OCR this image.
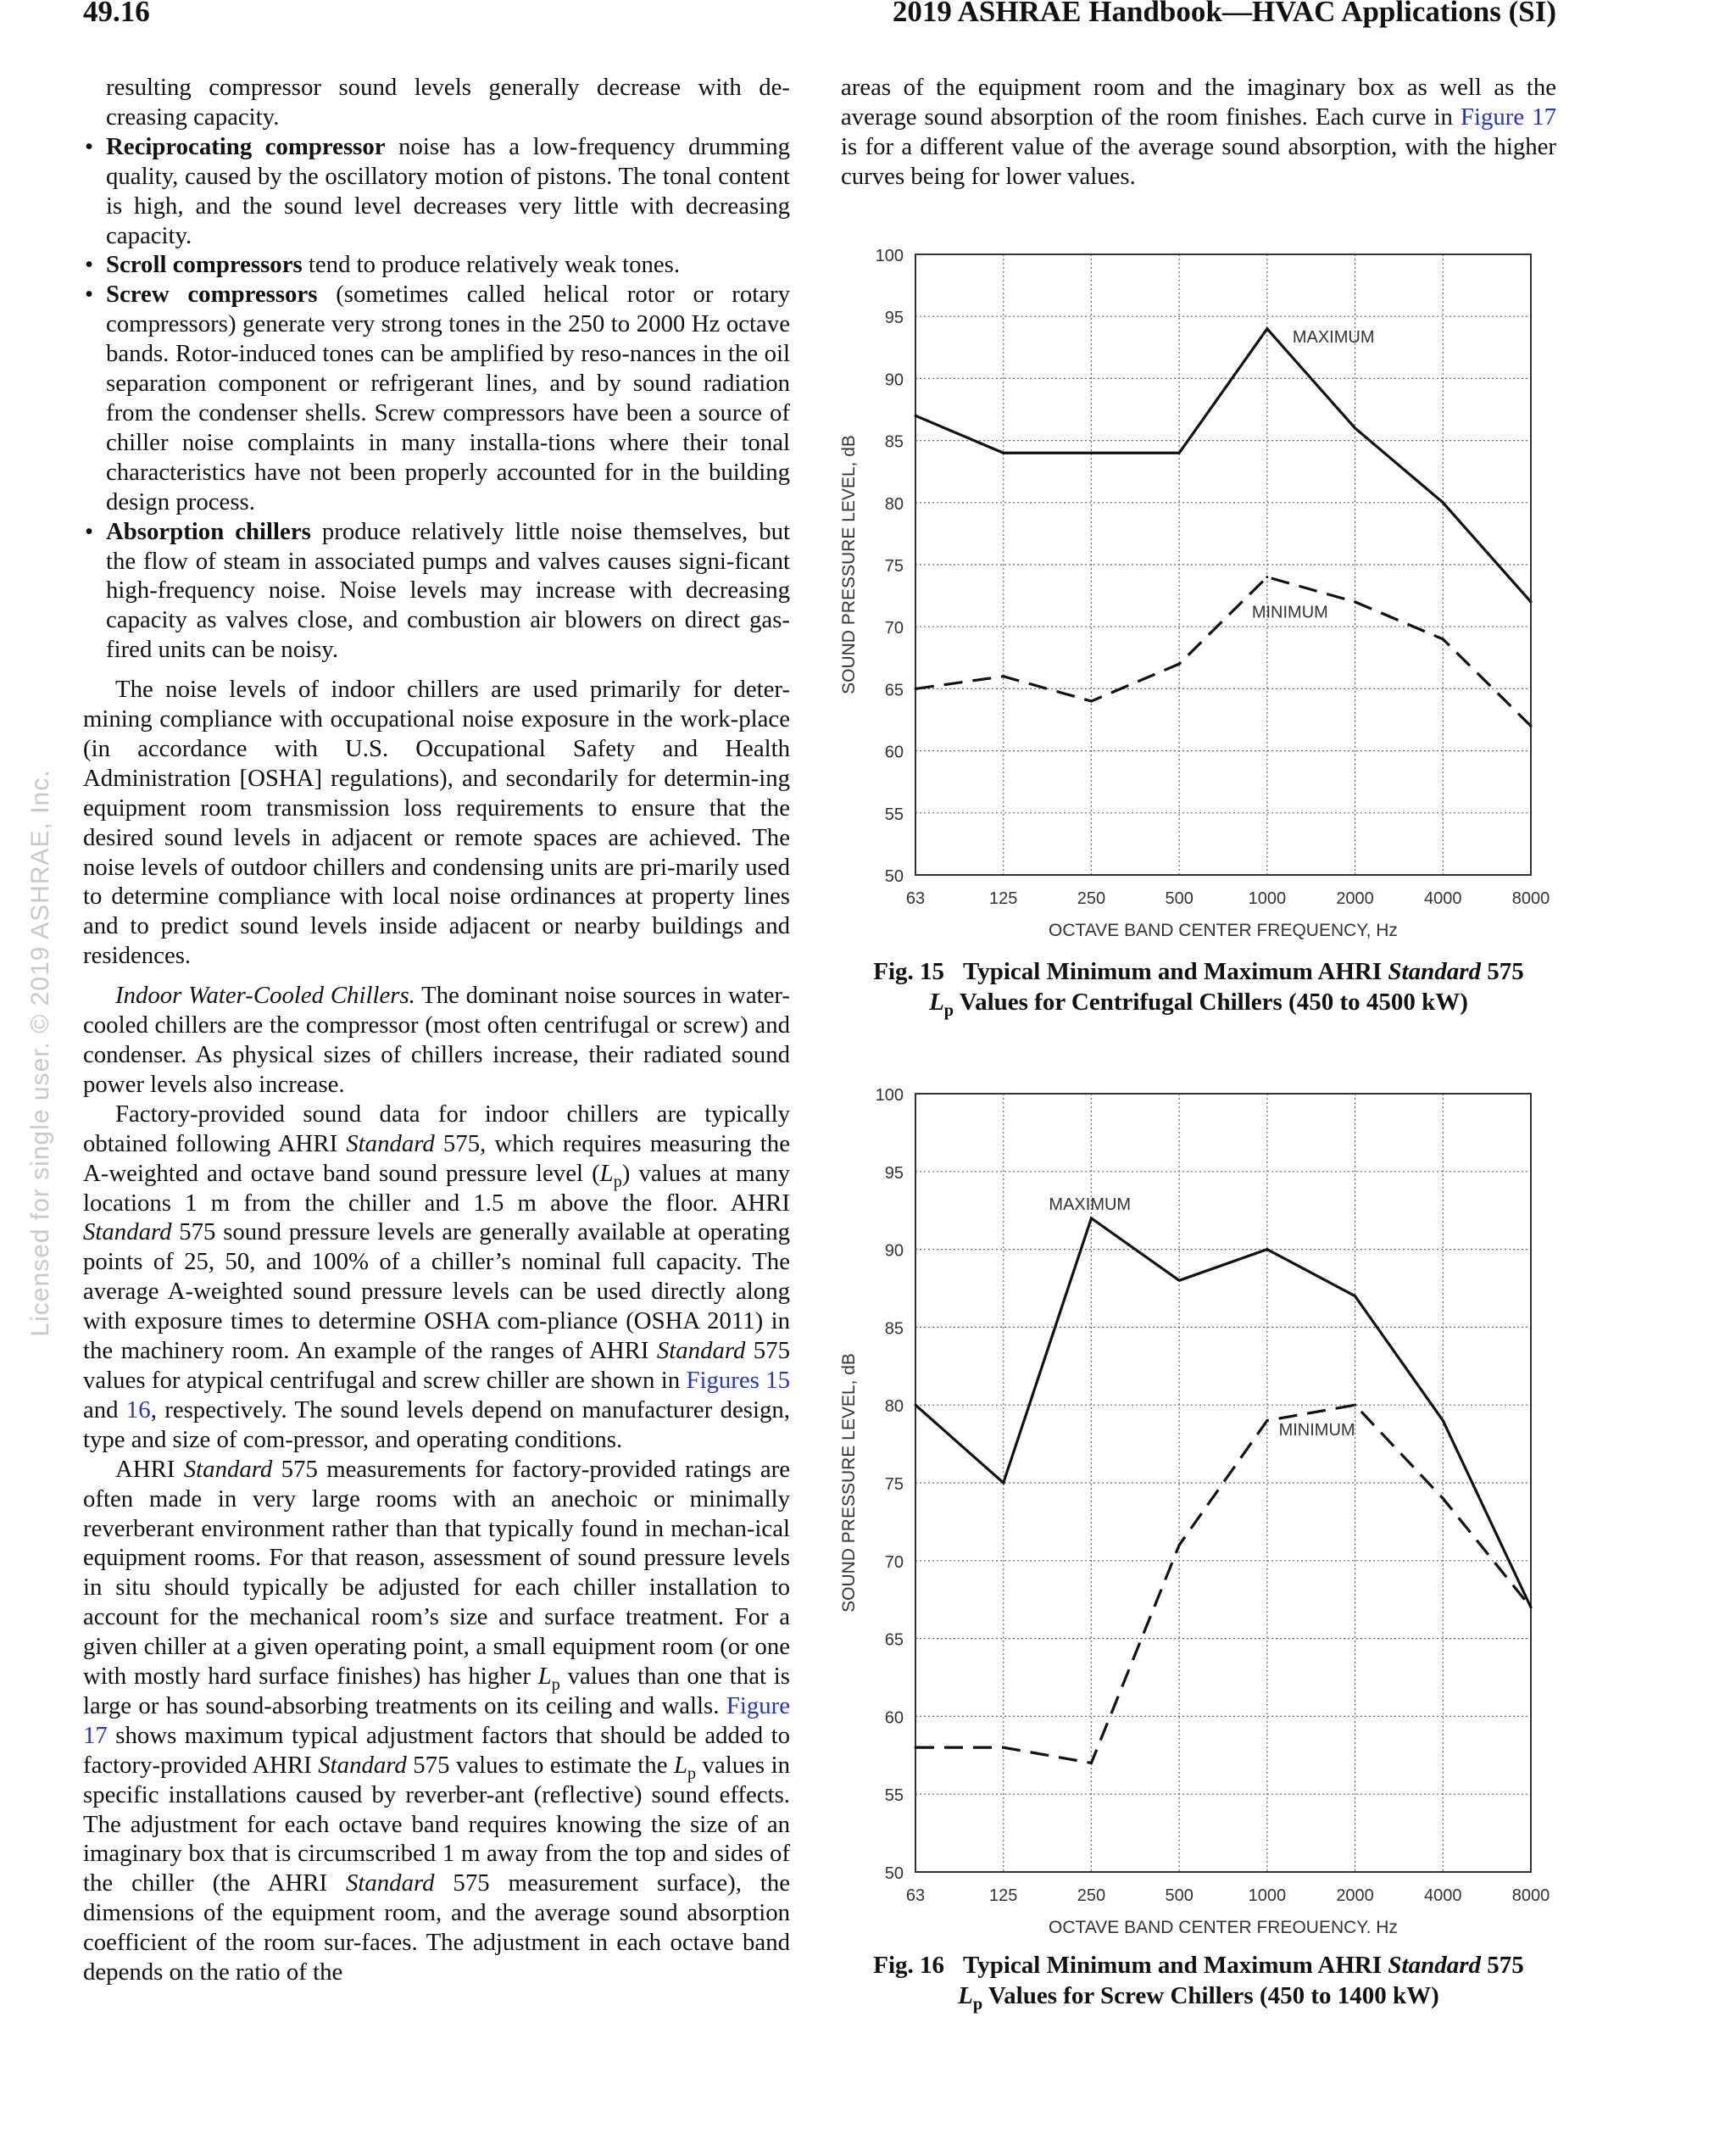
49.16	2019 ASHRAE Handbook—HVAC Applications (SI)
Licensed for single user. © 2019 ASHRAE, Inc.

resulting compressor sound levels generally decrease with de-creasing capacity.

• Reciprocating compressor noise has a low-frequency drumming quality, caused by the oscillatory motion of pistons. The tonal content is high, and the sound level decreases very little with decreasing capacity.
• Scroll compressors tend to produce relatively weak tones.
• Screw compressors (sometimes called helical rotor or rotary compressors) generate very strong tones in the 250 to 2000 Hz octave bands. Rotor-induced tones can be amplified by reso-nances in the oil separation component or refrigerant lines, and by sound radiation from the condenser shells. Screw compressors have been a source of chiller noise complaints in many installa-tions where their tonal characteristics have not been properly accounted for in the building design process.
• Absorption chillers produce relatively little noise themselves, but the flow of steam in associated pumps and valves causes signi-ficant high-frequency noise. Noise levels may increase with decreasing capacity as valves close, and combustion air blowers on direct gas-fired units can be noisy.

The noise levels of indoor chillers are used primarily for deter-mining compliance with occupational noise exposure in the work-place (in accordance with U.S. Occupational Safety and Health Administration [OSHA] regulations), and secondarily for determin-ing equipment room transmission loss requirements to ensure that the desired sound levels in adjacent or remote spaces are achieved. The noise levels of outdoor chillers and condensing units are pri-marily used to determine compliance with local noise ordinances at property lines and to predict sound levels inside adjacent or nearby buildings and residences.

Indoor Water-Cooled Chillers. The dominant noise sources in water-cooled chillers are the compressor (most often centrifugal or screw) and condenser. As physical sizes of chillers increase, their radiated sound power levels also increase.

Factory-provided sound data for indoor chillers are typically obtained following AHRI Standard 575, which requires measuring the A-weighted and octave band sound pressure level $(L_p)$ values at many locations 1 m from the chiller and 1.5 m above the floor. AHRI Standard 575 sound pressure levels are generally available at operating points of 25, 50, and 100% of a chiller’s nominal full capacity. The average A-weighted sound pressure levels can be used directly along with exposure times to determine OSHA com-pliance (OSHA 2011) in the machinery room. An example of the ranges of AHRI Standard 575 values for atypical centrifugal and screw chiller are shown in Figures 15 and 16, respectively. The sound levels depend on manufacturer design, type and size of com-pressor, and operating conditions.

AHRI Standard 575 measurements for factory-provided ratings are often made in very large rooms with an anechoic or minimally reverberant environment rather than that typically found in mechan-ical equipment rooms. For that reason, assessment of sound pressure levels in situ should typically be adjusted for each chiller installation to account for the mechanical room’s size and surface treatment. For a given chiller at a given operating point, a small equipment room (or one with mostly hard surface finishes) has higher $L_p$ values than one that is large or has sound-absorbing treatments on its ceiling and walls. Figure 17 shows maximum typical adjustment factors that should be added to factory-provided AHRI Standard 575 values to estimate the $L_p$ values in specific installations caused by reverber-ant (reflective) sound effects. The adjustment for each octave band requires knowing the size of an imaginary box that is circumscribed 1 m away from the top and sides of the chiller (the AHRI Standard 575 measurement surface), the dimensions of the equipment room, and the average sound absorption coefficient of the room sur-faces. The adjustment in each octave band depends on the ratio of the

areas of the equipment room and the imaginary box as well as the average sound absorption of the room finishes. Each curve in Figure 17 is for a different value of the average sound absorption, with the higher curves being for lower values.

50
55
60
65
70
75
80
85
90
95
100
63	125	250	500	1000	2000	4000	8000
OCTAVE BAND CENTER FREQUENCY, Hz
SOUND PRESSURE LEVEL, dB
MAXIMUM
MINIMUM
Fig. 15 Typical Minimum and Maximum AHRI Standard 575
$L_p$ Values for Centrifugal Chillers (450 to 4500 kW)
50
55
60
65
70
75
80
85
90
95
100
63	125	250	500	1000	2000	4000	8000
OCTAVE BAND CENTER FREQUENCY, Hz
SOUND PRESSURE LEVEL, dB
MAXIMUM
MINIMUM
Fig. 16 Typical Minimum and Maximum AHRI Standard 575
$L_p$ Values for Screw Chillers (450 to 1400 kW)
